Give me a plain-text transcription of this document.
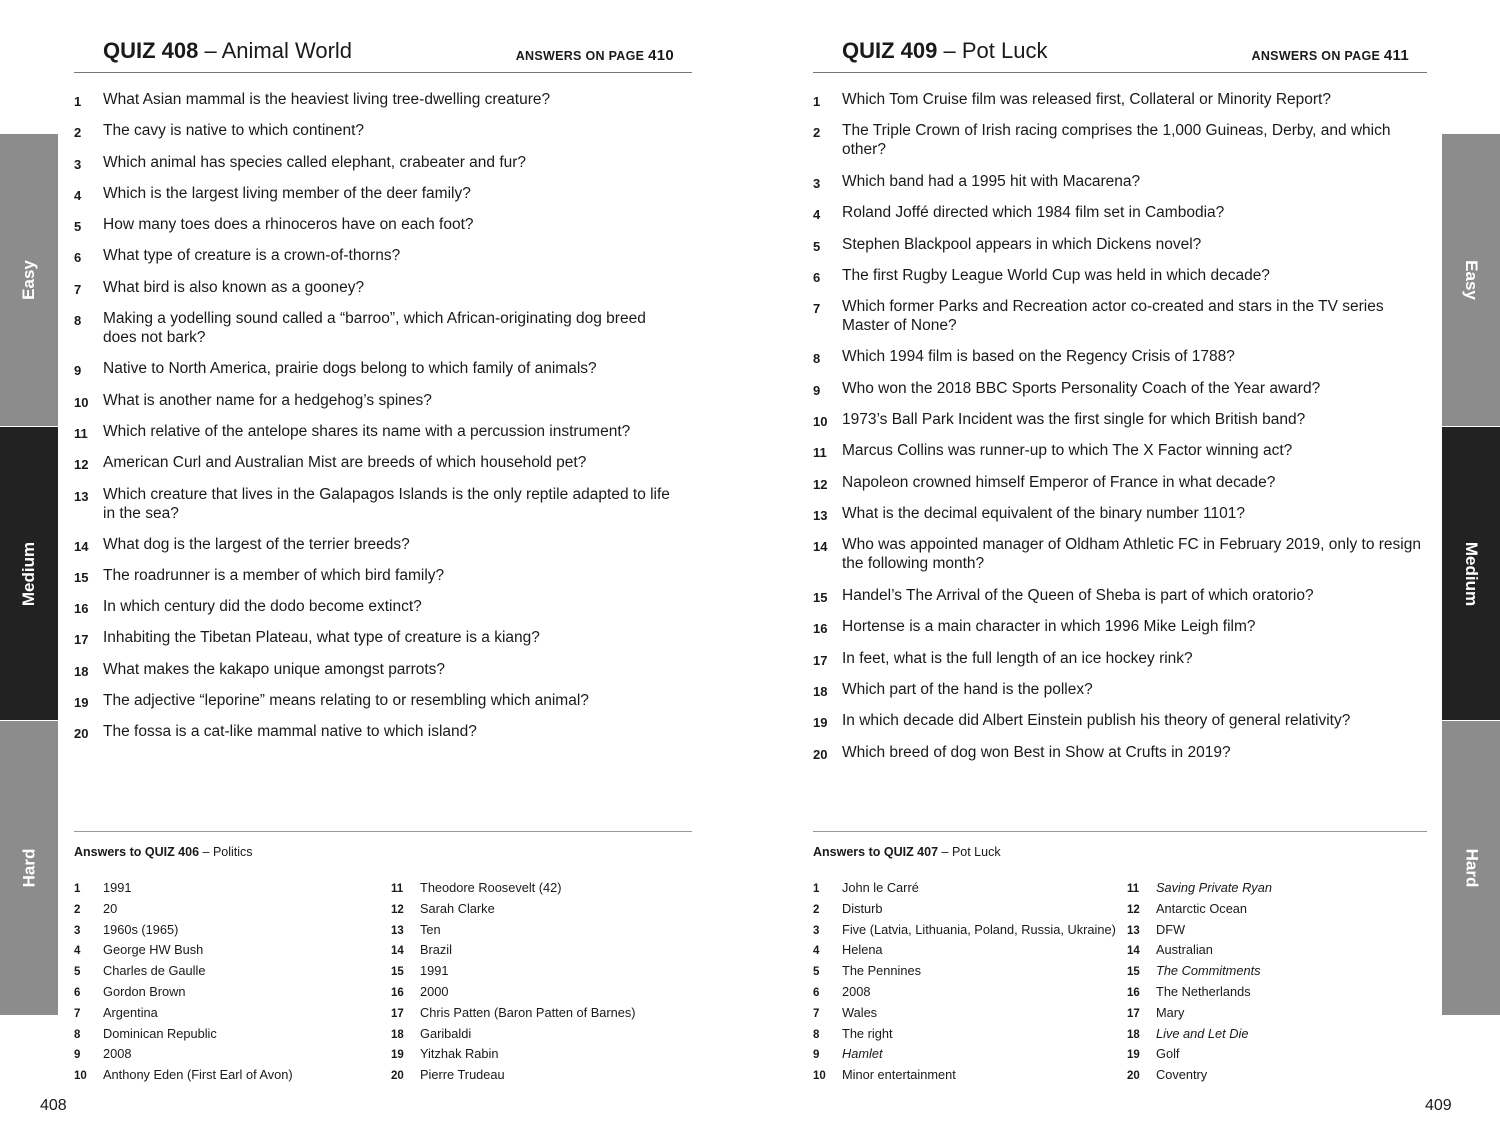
QUIZ 408 – Animal World	ANSWERS ON PAGE 410
1 What Asian mammal is the heaviest living tree-dwelling creature?
2 The cavy is native to which continent?
3 Which animal has species called elephant, crabeater and fur?
4 Which is the largest living member of the deer family?
5 How many toes does a rhinoceros have on each foot?
6 What type of creature is a crown-of-thorns?
7 What bird is also known as a gooney?
8 Making a yodelling sound called a “barroo”, which African-originating dog breed does not bark?
9 Native to North America, prairie dogs belong to which family of animals?
10 What is another name for a hedgehog’s spines?
11 Which relative of the antelope shares its name with a percussion instrument?
12 American Curl and Australian Mist are breeds of which household pet?
13 Which creature that lives in the Galapagos Islands is the only reptile adapted to life in the sea?
14 What dog is the largest of the terrier breeds?
15 The roadrunner is a member of which bird family?
16 In which century did the dodo become extinct?
17 Inhabiting the Tibetan Plateau, what type of creature is a kiang?
18 What makes the kakapo unique amongst parrots?
19 The adjective “leporine” means relating to or resembling which animal?
20 The fossa is a cat-like mammal native to which island?
Answers to QUIZ 406 – Politics
1 1991
2 20
3 1960s (1965)
4 George HW Bush
5 Charles de Gaulle
6 Gordon Brown
7 Argentina
8 Dominican Republic
9 2008
10 Anthony Eden (First Earl of Avon)
11 Theodore Roosevelt (42)
12 Sarah Clarke
13 Ten
14 Brazil
15 1991
16 2000
17 Chris Patten (Baron Patten of Barnes)
18 Garibaldi
19 Yitzhak Rabin
20 Pierre Trudeau
Easy
Medium
Hard
408
QUIZ 409 – Pot Luck	ANSWERS ON PAGE 411
1 Which Tom Cruise film was released first, Collateral or Minority Report?
2 The Triple Crown of Irish racing comprises the 1,000 Guineas, Derby, and which other?
3 Which band had a 1995 hit with Macarena?
4 Roland Joffé directed which 1984 film set in Cambodia?
5 Stephen Blackpool appears in which Dickens novel?
6 The first Rugby League World Cup was held in which decade?
7 Which former Parks and Recreation actor co-created and stars in the TV series Master of None?
8 Which 1994 film is based on the Regency Crisis of 1788?
9 Who won the 2018 BBC Sports Personality Coach of the Year award?
10 1973’s Ball Park Incident was the first single for which British band?
11 Marcus Collins was runner-up to which The X Factor winning act?
12 Napoleon crowned himself Emperor of France in what decade?
13 What is the decimal equivalent of the binary number 1101?
14 Who was appointed manager of Oldham Athletic FC in February 2019, only to resign the following month?
15 Handel’s The Arrival of the Queen of Sheba is part of which oratorio?
16 Hortense is a main character in which 1996 Mike Leigh film?
17 In feet, what is the full length of an ice hockey rink?
18 Which part of the hand is the pollex?
19 In which decade did Albert Einstein publish his theory of general relativity?
20 Which breed of dog won Best in Show at Crufts in 2019?
Answers to QUIZ 407 – Pot Luck
1 John le Carré
2 Disturb
3 Five (Latvia, Lithuania, Poland, Russia, Ukraine)
4 Helena
5 The Pennines
6 2008
7 Wales
8 The right
9 Hamlet
10 Minor entertainment
11 Saving Private Ryan
12 Antarctic Ocean
13 DFW
14 Australian
15 The Commitments
16 The Netherlands
17 Mary
18 Live and Let Die
19 Golf
20 Coventry
Easy
Medium
Hard
409
